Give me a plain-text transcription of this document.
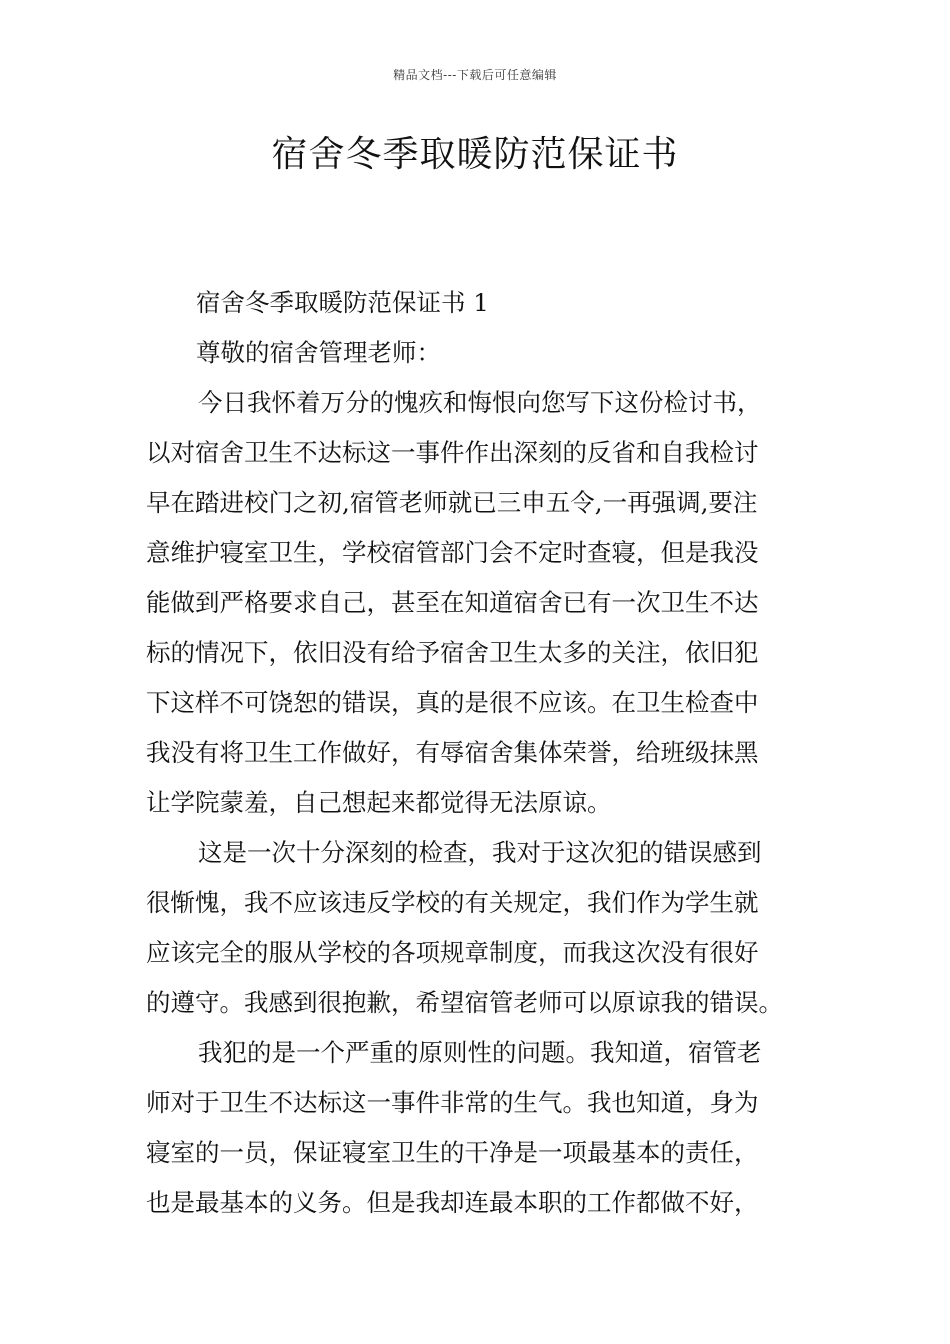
精品文档---下载后可任意编辑
宿舍冬季取暖防范保证书
宿舍冬季取暖防范保证书 1
尊敬的宿舍管理老师：
今日我怀着万分的愧疚和悔恨向您写下这份检讨书，
以对宿舍卫生不达标这一事件作出深刻的反省和自我检讨
早在踏进校门之初,宿管老师就已三申五令,一再强调,要注
意维护寝室卫生，学校宿管部门会不定时查寝，但是我没
能做到严格要求自己，甚至在知道宿舍已有一次卫生不达
标的情况下，依旧没有给予宿舍卫生太多的关注，依旧犯
下这样不可饶恕的错误，真的是很不应该。在卫生检查中
我没有将卫生工作做好，有辱宿舍集体荣誉，给班级抹黑
让学院蒙羞，自己想起来都觉得无法原谅。
这是一次十分深刻的检查，我对于这次犯的错误感到
很惭愧，我不应该违反学校的有关规定，我们作为学生就
应该完全的服从学校的各项规章制度，而我这次没有很好
的遵守。我感到很抱歉，希望宿管老师可以原谅我的错误。
我犯的是一个严重的原则性的问题。我知道，宿管老
师对于卫生不达标这一事件非常的生气。我也知道，身为
寝室的一员，保证寝室卫生的干净是一项最基本的责任，
也是最基本的义务。但是我却连最本职的工作都做不好，
